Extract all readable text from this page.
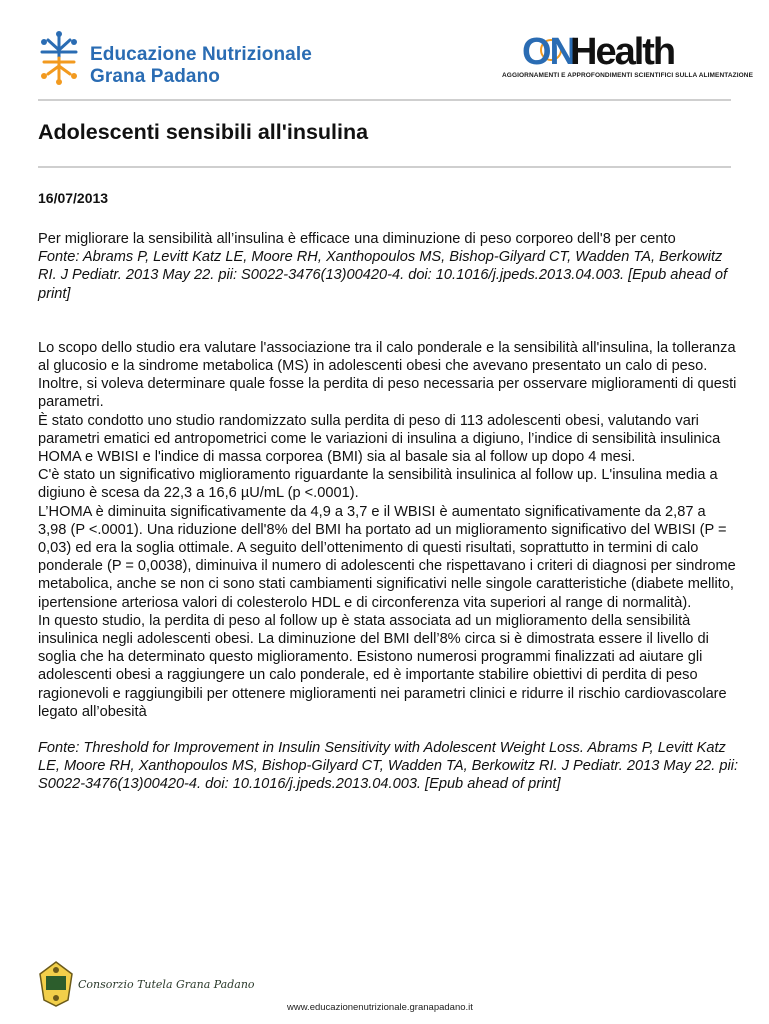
Educazione Nutrizionale
Grana Padano
ON
Health
AGGIORNAMENTI E APPROFONDIMENTI SCIENTIFICI SULLA ALIMENTAZIONE
Adolescenti sensibili all'insulina
16/07/2013

Per migliorare la sensibilità all’insulina è efficace una diminuzione di peso corporeo dell'8 per cento

Fonte: Abrams P, Levitt Katz LE, Moore RH, Xanthopoulos MS, Bishop-Gilyard CT, Wadden TA, Berkowitz RI. J Pediatr. 2013 May 22. pii: S0022-3476(13)00420-4. doi: 10.1016/j.jpeds.2013.04.003. [Epub ahead of print]

Lo scopo dello studio era valutare l'associazione tra il calo ponderale e la sensibilità all'insulina, la tolleranza al glucosio e la sindrome metabolica (MS) in adolescenti obesi che avevano presentato un calo di peso. Inoltre, si voleva determinare quale fosse la perdita di peso necessaria per osservare miglioramenti di questi parametri.

È stato condotto uno studio randomizzato sulla perdita di peso di 113 adolescenti obesi, valutando vari parametri ematici ed antropometrici come le variazioni di insulina a digiuno, l’indice di sensibilità insulinica HOMA e WBISI e l'indice di massa corporea (BMI) sia al basale sia al follow up dopo 4 mesi.

C'è stato un significativo miglioramento riguardante la sensibilità insulinica al follow up. L'insulina media a digiuno è scesa da 22,3 a 16,6 µU/mL (p <.0001).

L’HOMA è diminuita significativamente da 4,9 a 3,7 e il WBISI è aumentato significativamente da 2,87 a 3,98 (P <.0001). Una riduzione dell'8% del BMI ha portato ad un miglioramento significativo del WBISI (P = 0,03) ed era la soglia ottimale. A seguito dell’ottenimento di questi risultati, soprattutto in termini di calo ponderale (P = 0,0038), diminuiva il numero di adolescenti che rispettavano i criteri di diagnosi per sindrome metabolica, anche se non ci sono stati cambiamenti significativi nelle singole caratteristiche (diabete mellito, ipertensione arteriosa valori di colesterolo HDL e di circonferenza vita superiori al range di normalità).

In questo studio, la perdita di peso al follow up è stata associata ad un miglioramento della sensibilità insulinica negli adolescenti obesi. La diminuzione del BMI dell’8% circa si è dimostrata essere il livello di soglia che ha determinato questo miglioramento. Esistono numerosi programmi finalizzati ad aiutare gli adolescenti obesi a raggiungere un calo ponderale, ed è importante stabilire obiettivi di perdita di peso ragionevoli e raggiungibili per ottenere miglioramenti nei parametri clinici e ridurre il rischio cardiovascolare legato all’obesità

Fonte: Threshold for Improvement in Insulin Sensitivity with Adolescent Weight Loss. Abrams P, Levitt Katz LE, Moore RH, Xanthopoulos MS, Bishop-Gilyard CT, Wadden TA, Berkowitz RI. J Pediatr. 2013 May 22. pii: S0022-3476(13)00420-4. doi: 10.1016/j.jpeds.2013.04.003. [Epub ahead of print]

Consorzio Tutela Grana Padano
www.educazionenutrizionale.granapadano.it
